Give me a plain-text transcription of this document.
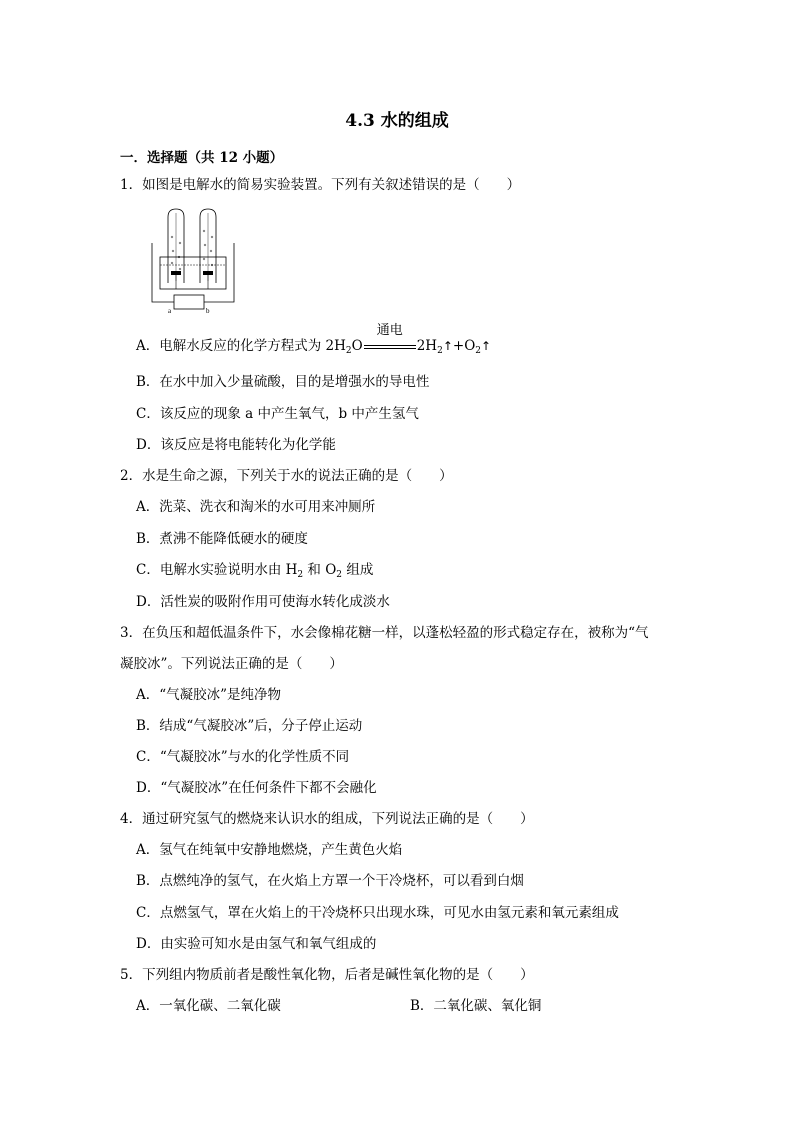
4.3 水的组成
一．选择题（共 12 小题）
1．如图是电解水的简易实验装置。下列有关叙述错误的是（　　）
a	b
A．电解水反应的化学方程式为 $2H_2O$
通电
$2H_2↑+O_2↑$
B．在水中加入少量硫酸，目的是增强水的导电性
C．该反应的现象 a 中产生氧气，b 中产生氢气
D．该反应是将电能转化为化学能
2．水是生命之源，下列关于水的说法正确的是（　　）
A．洗菜、洗衣和淘米的水可用来冲厕所
B．煮沸不能降低硬水的硬度
C．电解水实验说明水由 $H_2$ 和 $O_2$ 组成
D．活性炭的吸附作用可使海水转化成淡水
3．在负压和超低温条件下，水会像棉花糖一样，以蓬松轻盈的形式稳定存在，被称为“气
凝胶冰”。下列说法正确的是（　　）
A．“气凝胶冰”是纯净物
B．结成“气凝胶冰”后，分子停止运动
C．“气凝胶冰”与水的化学性质不同
D．“气凝胶冰”在任何条件下都不会融化
4．通过研究氢气的燃烧来认识水的组成，下列说法正确的是（　　）
A．氢气在纯氧中安静地燃烧，产生黄色火焰
B．点燃纯净的氢气，在火焰上方罩一个干冷烧杯，可以看到白烟
C．点燃氢气，罩在火焰上的干冷烧杯只出现水珠，可见水由氢元素和氧元素组成
D．由实验可知水是由氢气和氧气组成的
5．下列组内物质前者是酸性氧化物，后者是碱性氧化物的是（　　）
A．一氧化碳、二氧化碳	B．二氧化碳、氧化铜
